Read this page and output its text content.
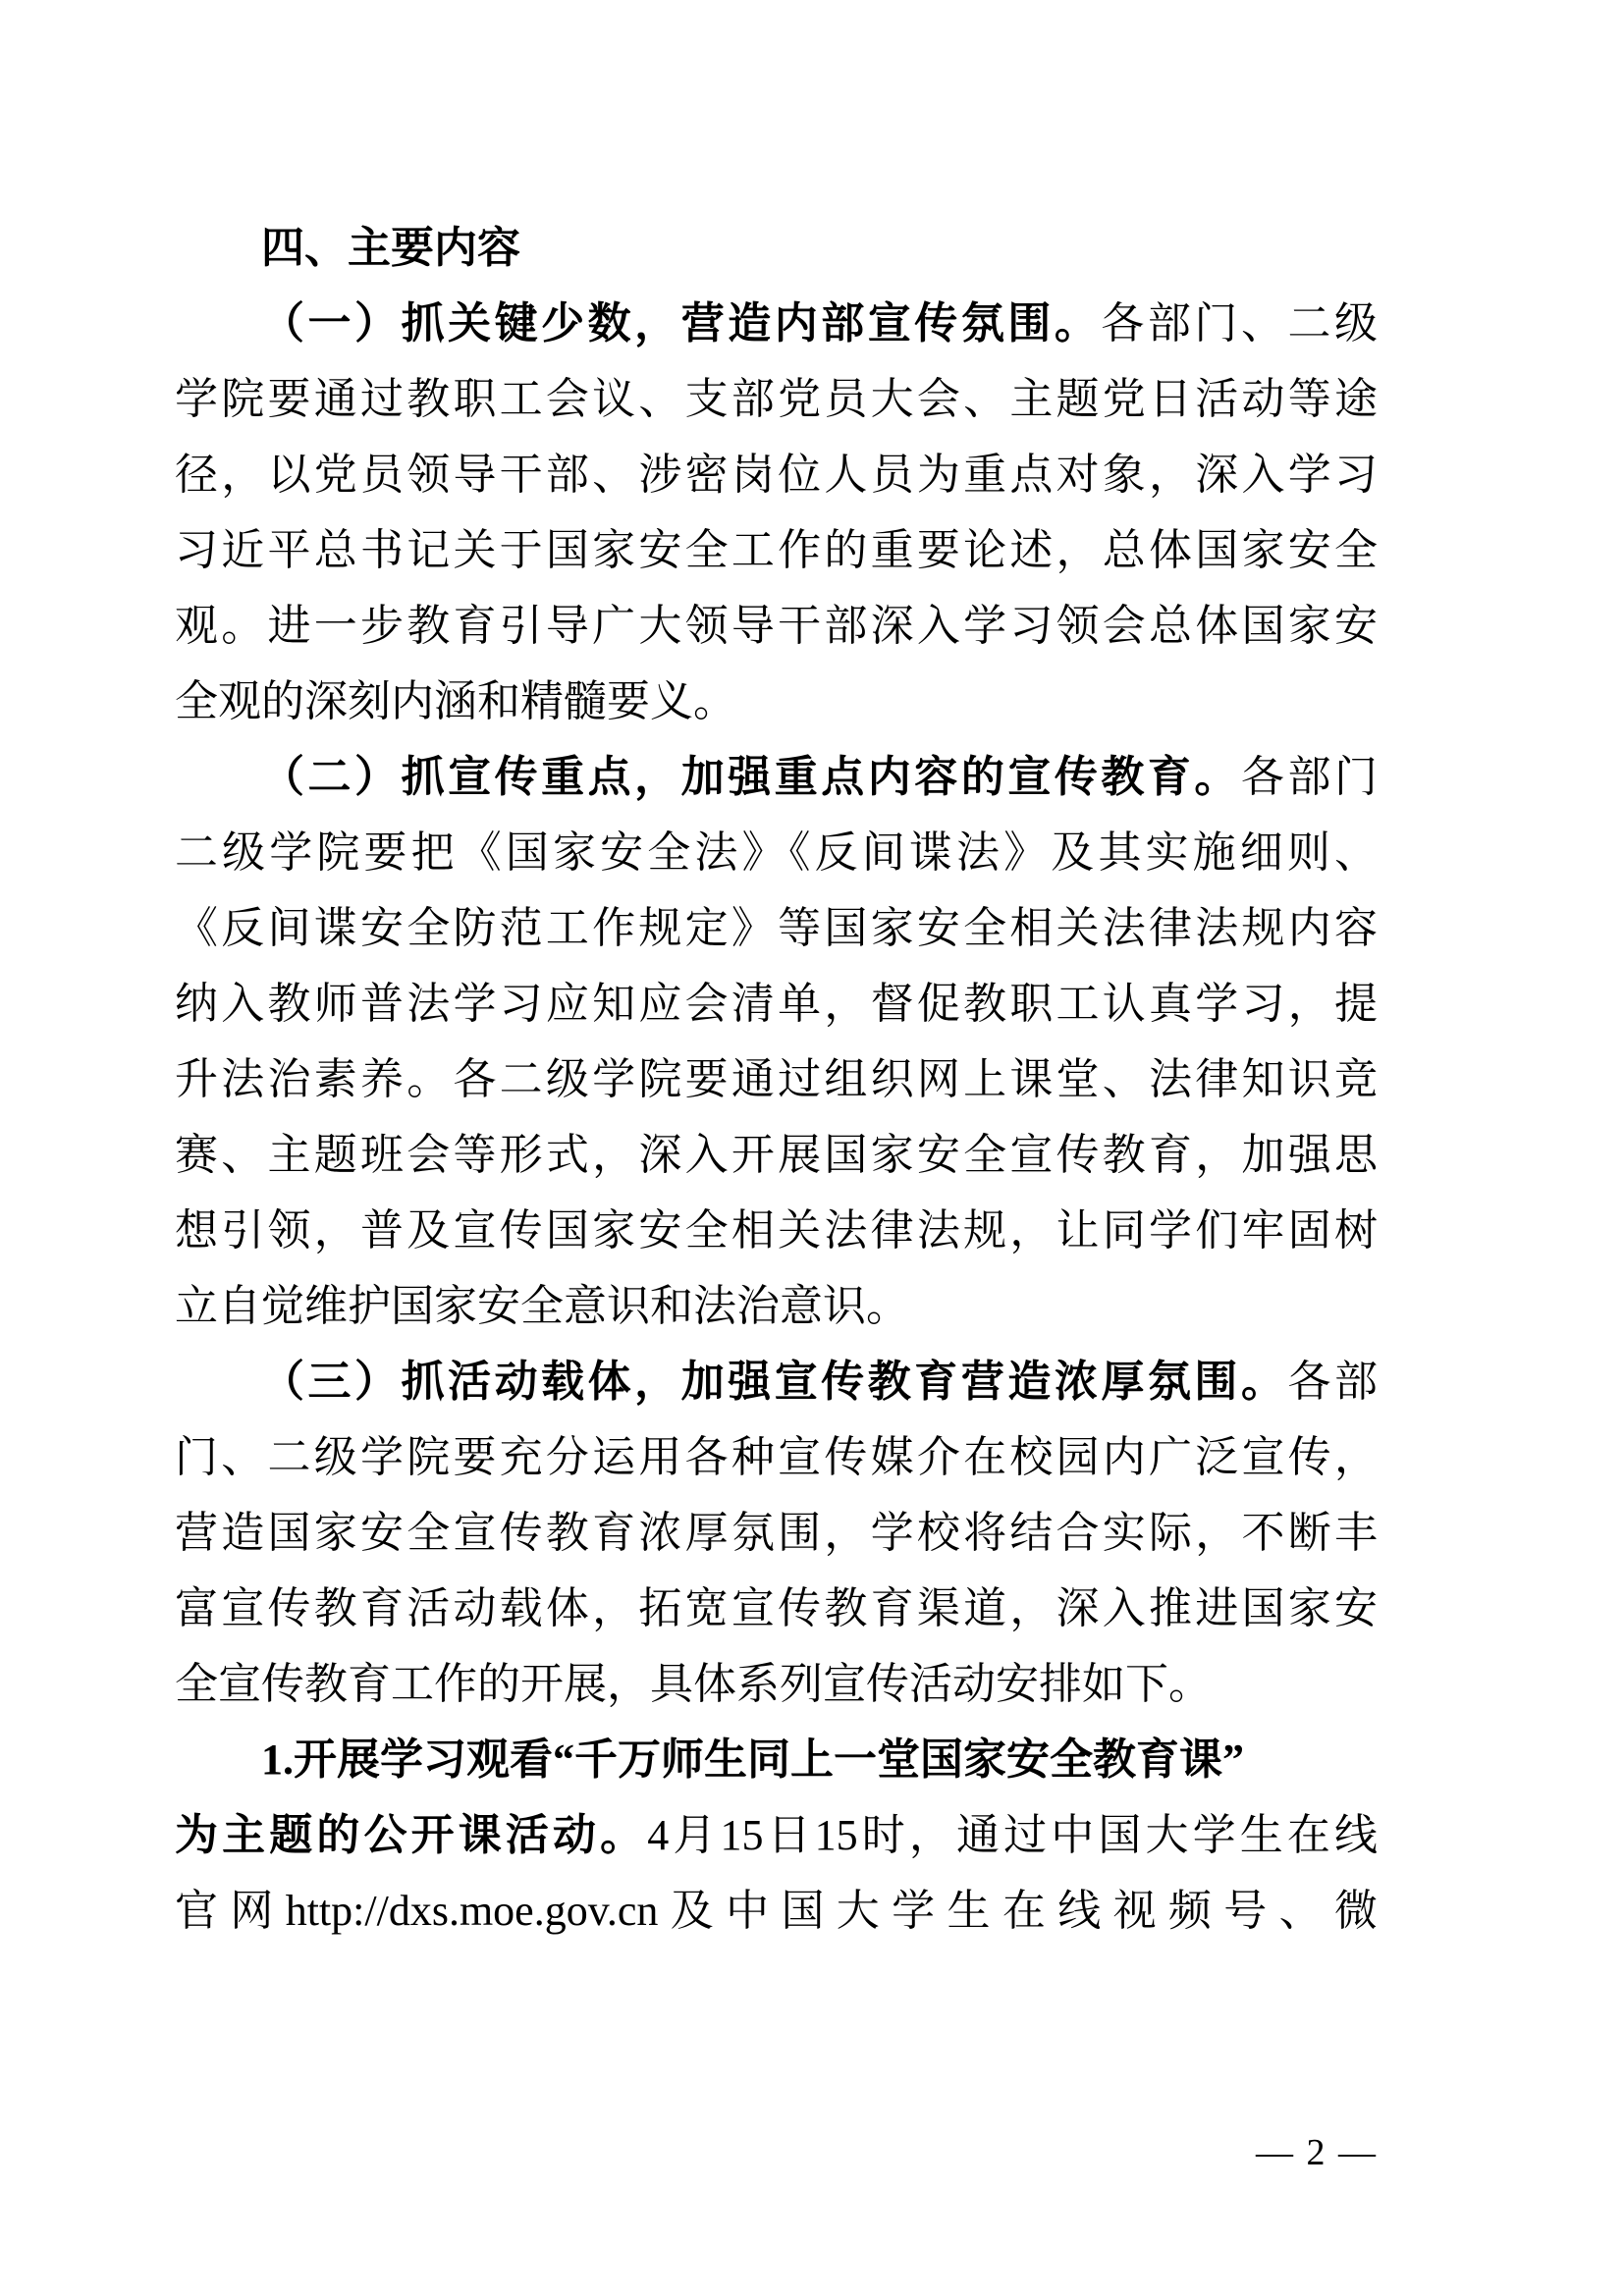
四、主要内容
（一）抓关键少数，营造内部宣传氛围。各部门、二级
学院要通过教职工会议、支部党员大会、主题党日活动等途
径，以党员领导干部、涉密岗位人员为重点对象，深入学习
习近平总书记关于国家安全工作的重要论述，总体国家安全
观。进一步教育引导广大领导干部深入学习领会总体国家安
全观的深刻内涵和精髓要义。
（二）抓宣传重点，加强重点内容的宣传教育。各部门
二级学院要把《国家安全法》《反间谍法》及其实施细则、
《反间谍安全防范工作规定》等国家安全相关法律法规内容
纳入教师普法学习应知应会清单，督促教职工认真学习，提
升法治素养。各二级学院要通过组织网上课堂、法律知识竞
赛、主题班会等形式，深入开展国家安全宣传教育，加强思
想引领，普及宣传国家安全相关法律法规，让同学们牢固树
立自觉维护国家安全意识和法治意识。
（三）抓活动载体，加强宣传教育营造浓厚氛围。各部
门、二级学院要充分运用各种宣传媒介在校园内广泛宣传，
营造国家安全宣传教育浓厚氛围，学校将结合实际，不断丰
富宣传教育活动载体，拓宽宣传教育渠道，深入推进国家安
全宣传教育工作的开展，具体系列宣传活动安排如下。
1.开展学习观看“千万师生同上一堂国家安全教育课”
为主题的公开课活动。4月15日15时，通过中国大学生在线
官网http://dxs.moe.gov.cn及中国大学生在线视频号、微
— 2 —
